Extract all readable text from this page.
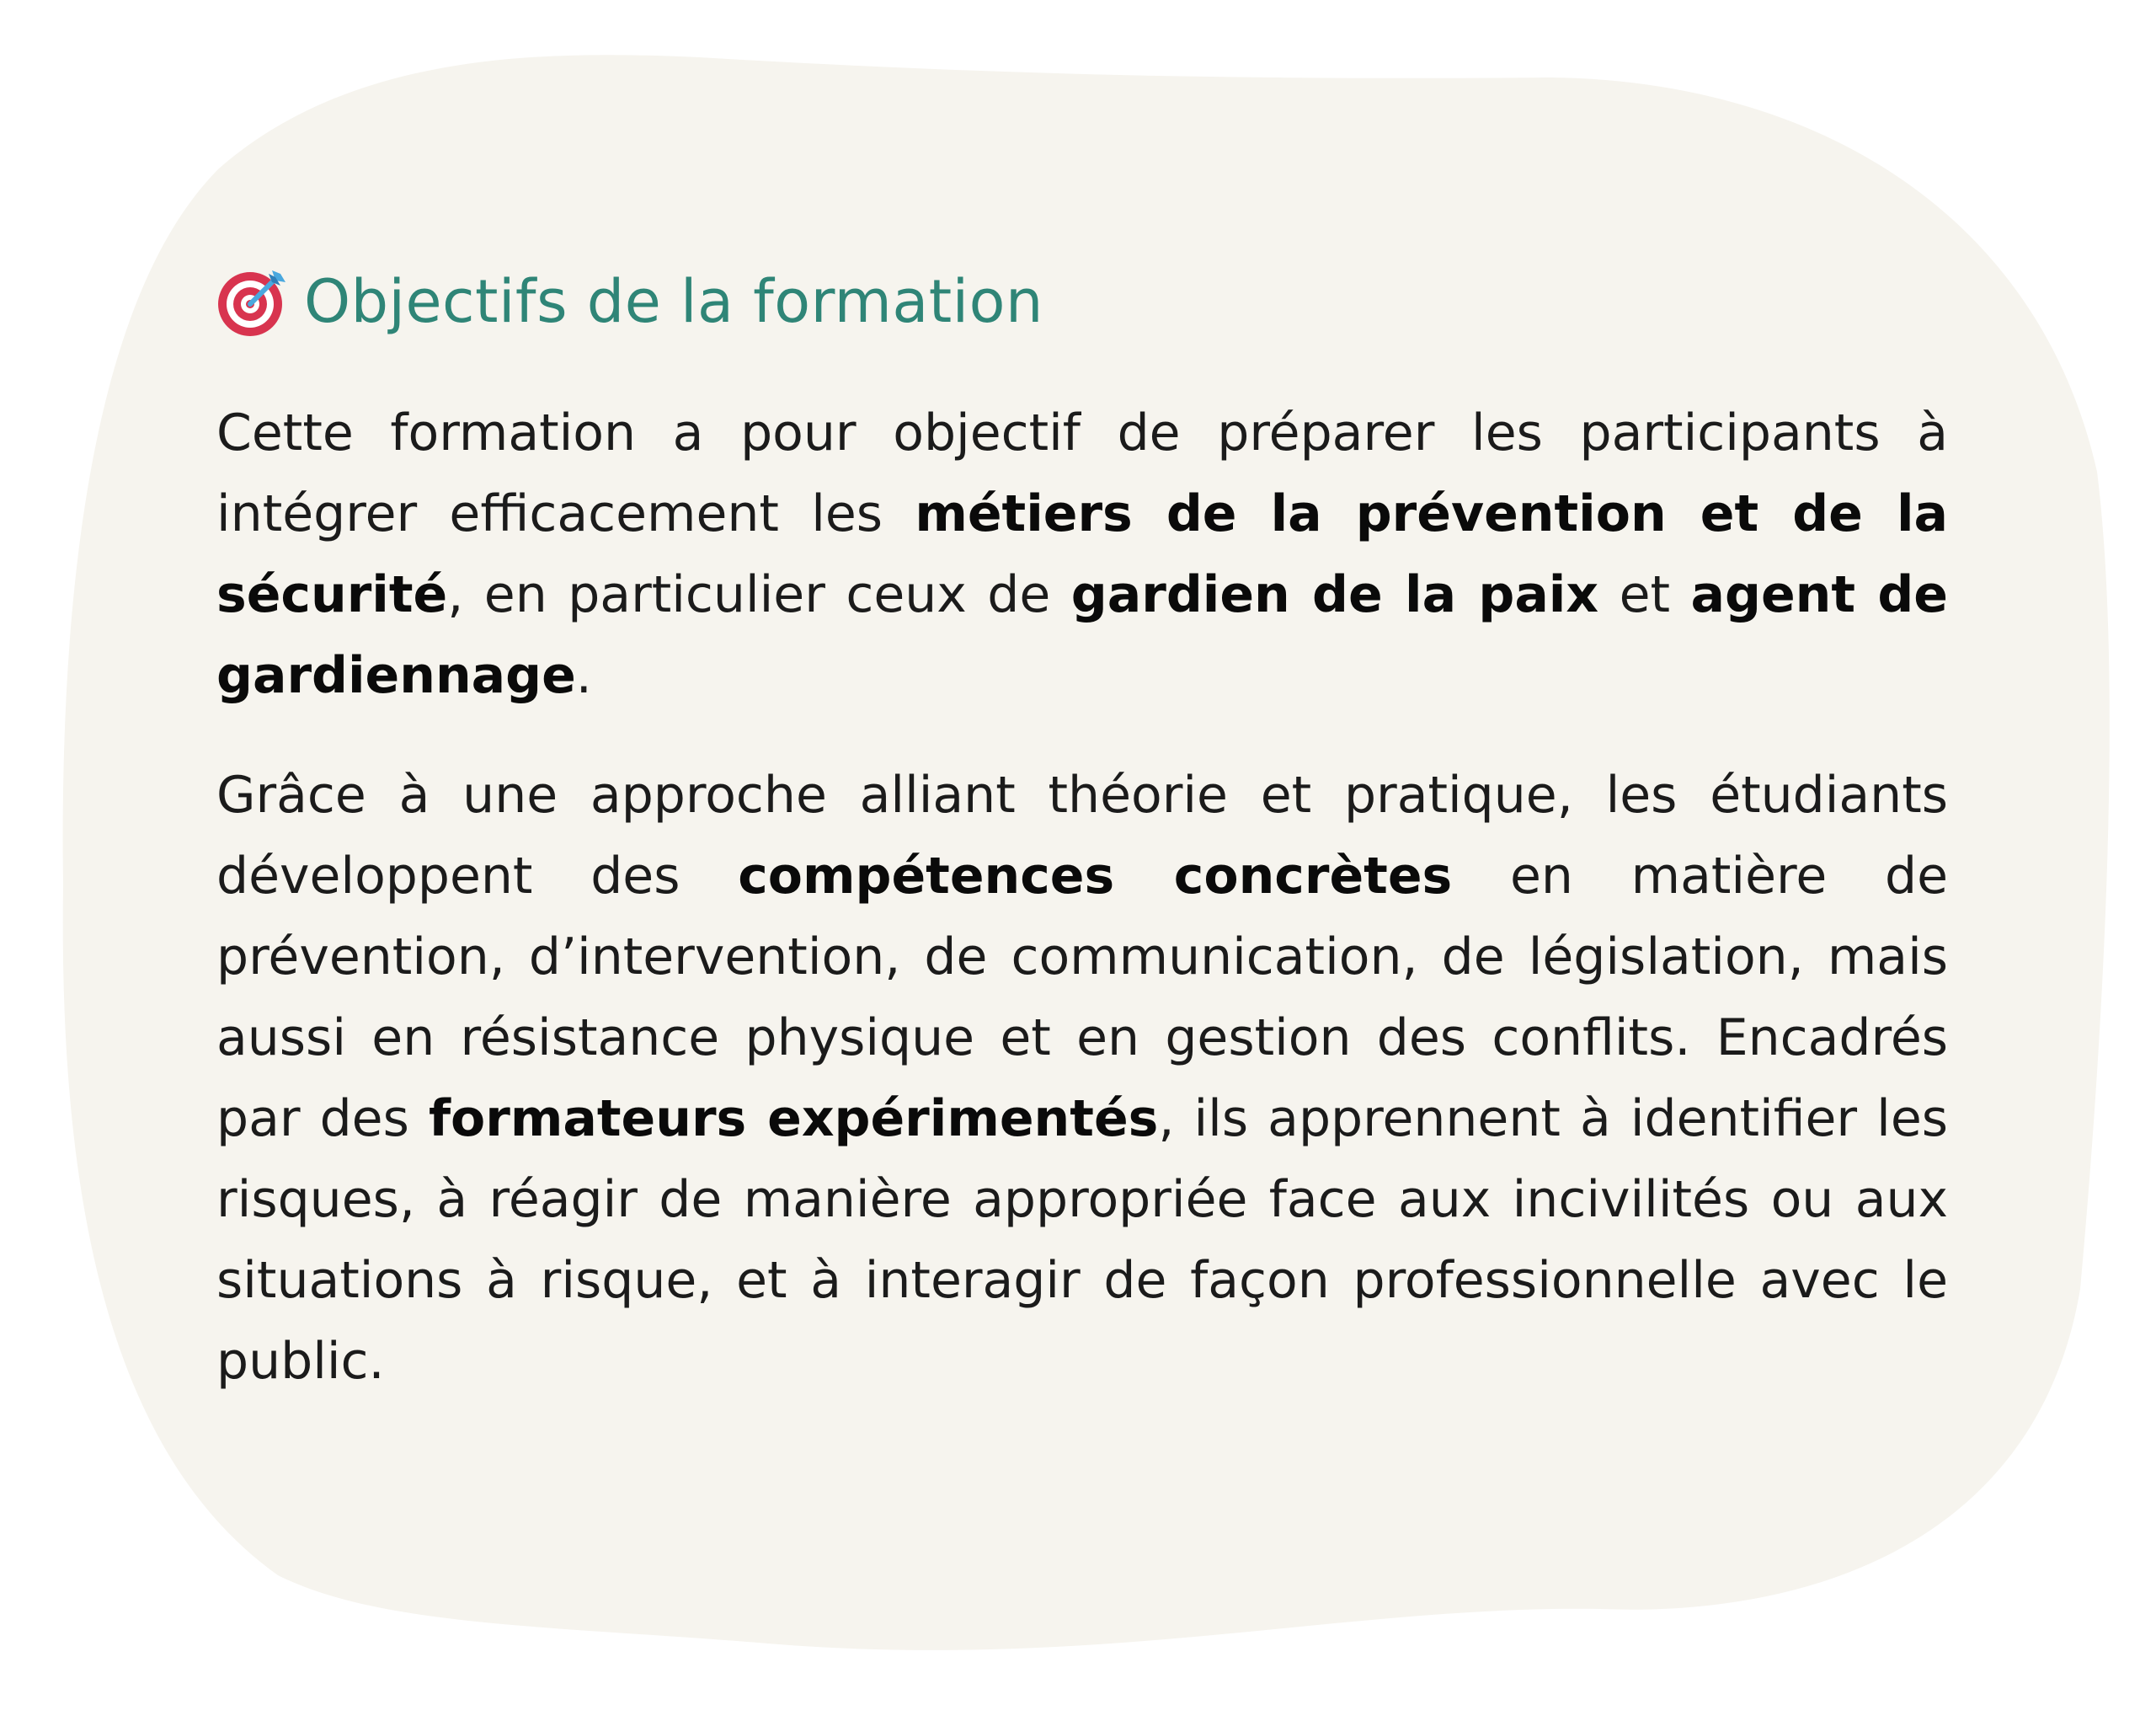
Objectifs de la formation

Cette formation a pour objectif de préparer les participants à intégrer efficacement les métiers de la prévention et de la sécurité, en particulier ceux de gardien de la paix et agent de gardiennage.

Grâce à une approche alliant théorie et pratique, les étudiants développent des compétences concrètes en matière de prévention, d’intervention, de communication, de législation, mais aussi en résistance physique et en gestion des conflits. Encadrés par des formateurs expérimentés, ils apprennent à identifier les risques, à réagir de manière appropriée face aux incivilités ou aux situations à risque, et à interagir de façon professionnelle avec le public.
